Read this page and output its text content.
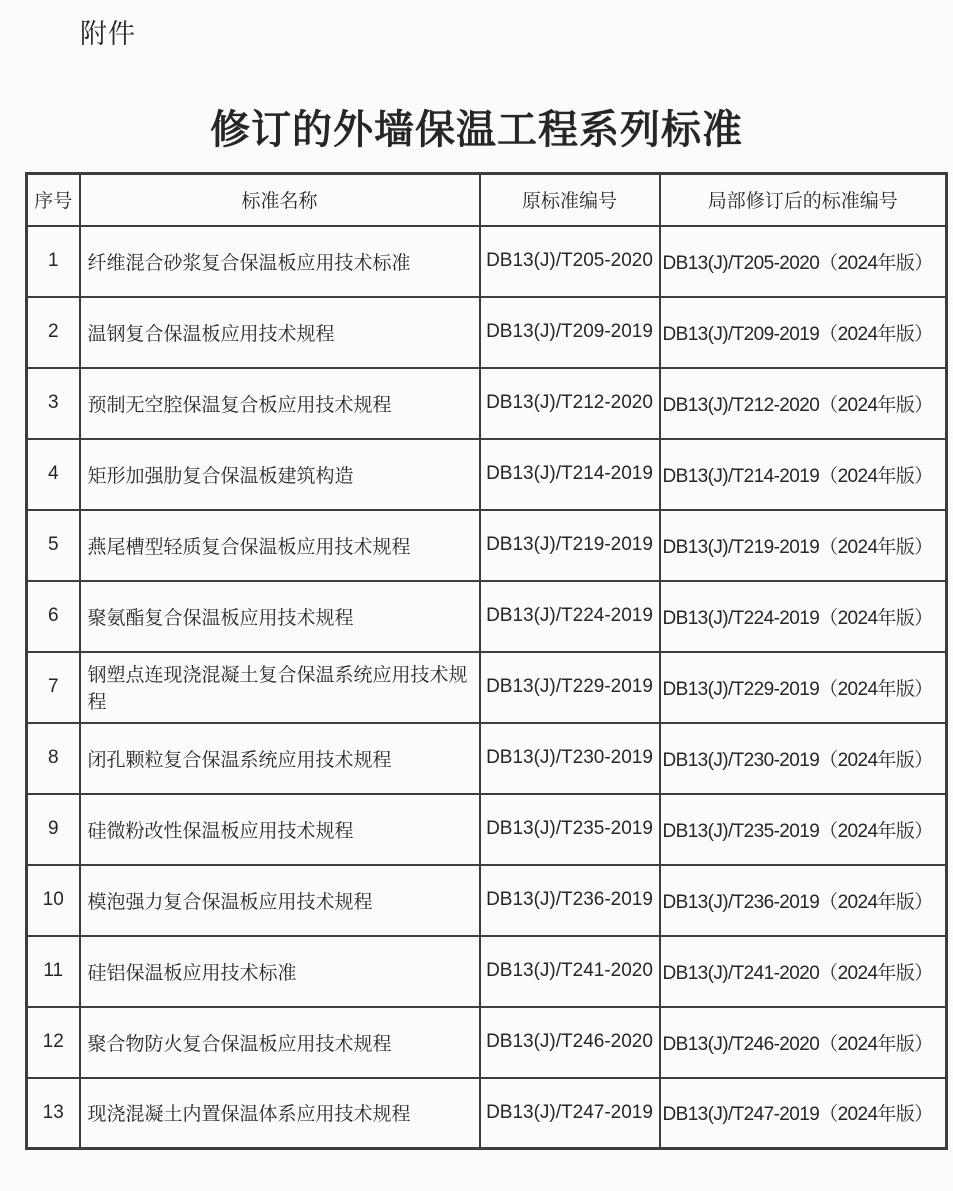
附件
修订的外墙保温工程系列标准
序号	标准名称	原标准编号	局部修订后的标准编号
1	纤维混合砂浆复合保温板应用技术标准	DB13(J)/T205-2020	DB13(J)/T205-2020（2024年版）
2	温钢复合保温板应用技术规程	DB13(J)/T209-2019	DB13(J)/T209-2019（2024年版）
3	预制无空腔保温复合板应用技术规程	DB13(J)/T212-2020	DB13(J)/T212-2020（2024年版）
4	矩形加强肋复合保温板建筑构造	DB13(J)/T214-2019	DB13(J)/T214-2019（2024年版）
5	燕尾槽型轻质复合保温板应用技术规程	DB13(J)/T219-2019	DB13(J)/T219-2019（2024年版）
6	聚氨酯复合保温板应用技术规程	DB13(J)/T224-2019	DB13(J)/T224-2019（2024年版）
7	钢塑点连现浇混凝土复合保温系统应用技术规程	DB13(J)/T229-2019	DB13(J)/T229-2019（2024年版）
8	闭孔颗粒复合保温系统应用技术规程	DB13(J)/T230-2019	DB13(J)/T230-2019（2024年版）
9	硅微粉改性保温板应用技术规程	DB13(J)/T235-2019	DB13(J)/T235-2019（2024年版）
10	模泡强力复合保温板应用技术规程	DB13(J)/T236-2019	DB13(J)/T236-2019（2024年版）
11	硅铝保温板应用技术标准	DB13(J)/T241-2020	DB13(J)/T241-2020（2024年版）
12	聚合物防火复合保温板应用技术规程	DB13(J)/T246-2020	DB13(J)/T246-2020（2024年版）
13	现浇混凝土内置保温体系应用技术规程	DB13(J)/T247-2019	DB13(J)/T247-2019（2024年版）
